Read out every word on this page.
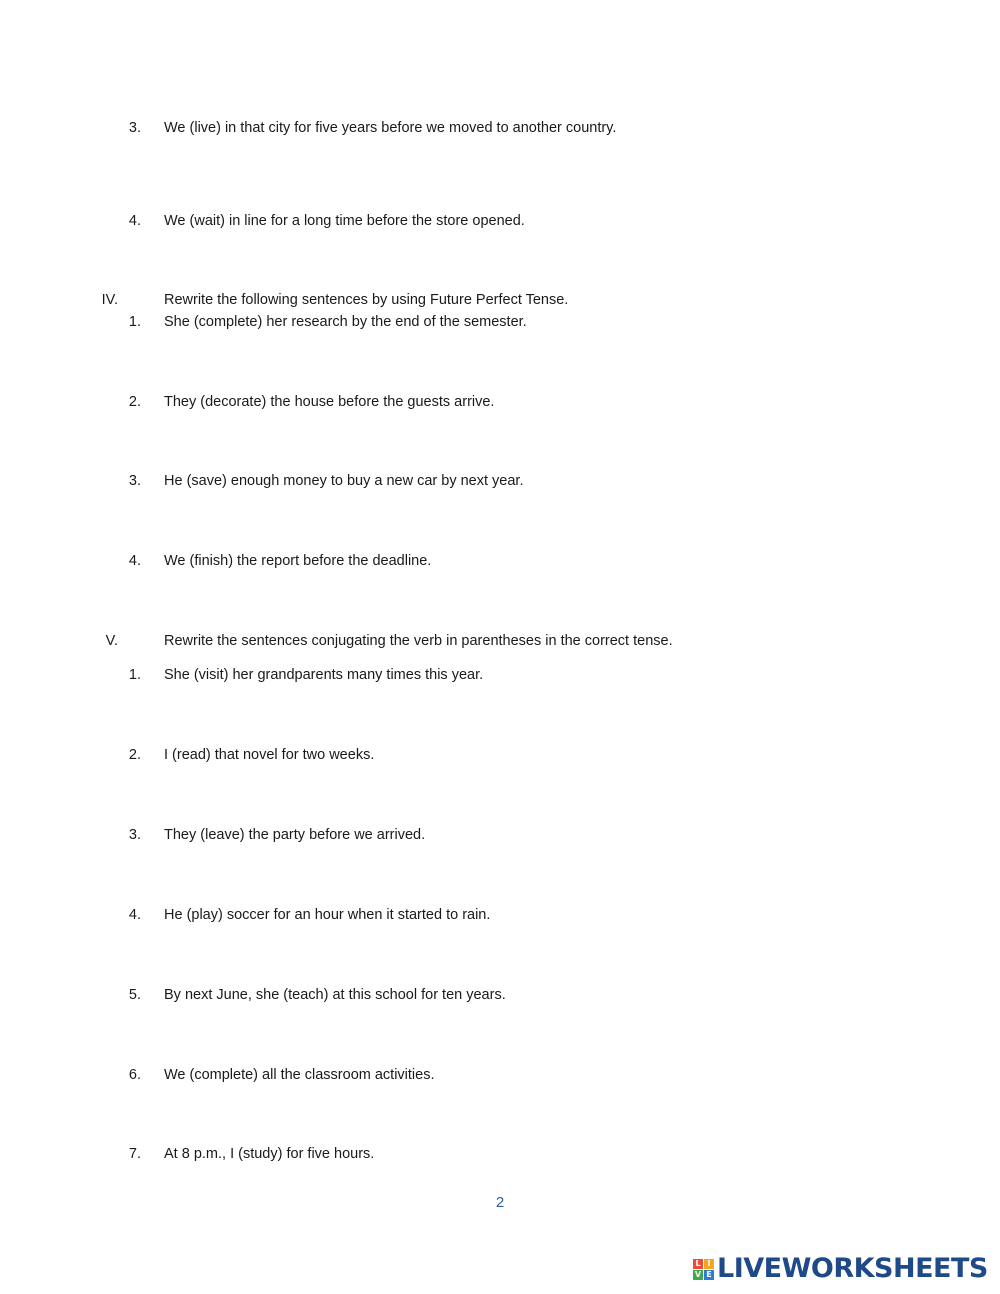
3. We (live) in that city for five years before we moved to another country.
4. We (wait) in line for a long time before the store opened.
IV.	Rewrite the following sentences by using Future Perfect Tense.
1. She (complete) her research by the end of the semester.
2. They (decorate) the house before the guests arrive.
3. He (save) enough money to buy a new car by next year.
4. We (finish) the report before the deadline.
V.	Rewrite the sentences conjugating the verb in parentheses in the correct tense.
1. She (visit) her grandparents many times this year.
2. I (read) that novel for two weeks.
3. They (leave) the party before we arrived.
4. He (play) soccer for an hour when it started to rain.
5. By next June, she (teach) at this school for ten years.
6. We (complete) all the classroom activities.
7. At 8 p.m., I (study) for five hours.
2
L I
V E LIVEWORKSHEETS
